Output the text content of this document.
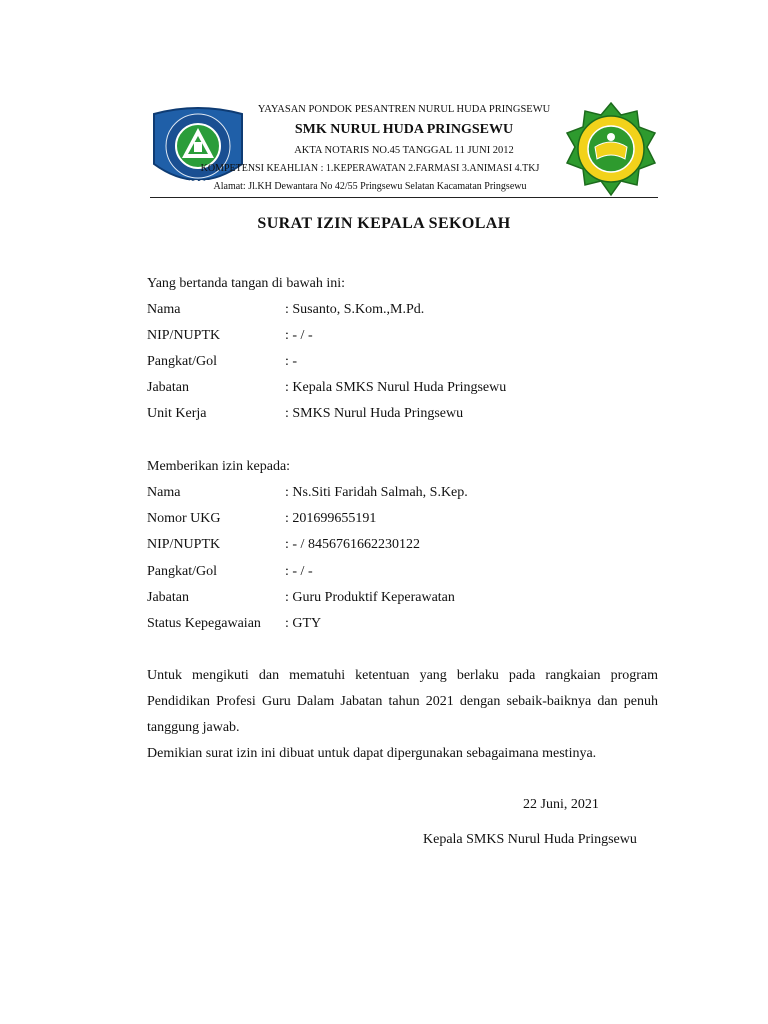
PRINGSEWU
YAYASAN PONDOK PESANTREN NURUL HUDA PRINGSEWU
SMK NURUL HUDA PRINGSEWU
AKTA NOTARIS NO.45 TANGGAL 11 JUNI 2012
KOMPETENSI KEAHLIAN : 1.KEPERAWATAN 2.FARMASI 3.ANIMASI 4.TKJ
Alamat: Jl.KH Dewantara No 42/55 Pringsewu Selatan Kacamatan Pringsewu
SURAT IZIN KEPALA SEKOLAH
Yang bertanda tangan di bawah ini:
Nama	: Susanto, S.Kom.,M.Pd.
NIP/NUPTK	: - / -
Pangkat/Gol	: -
Jabatan	: Kepala SMKS Nurul Huda Pringsewu
Unit Kerja	: SMKS Nurul Huda Pringsewu
Memberikan izin kepada:
Nama	: Ns.Siti Faridah Salmah, S.Kep.
Nomor UKG	: 201699655191
NIP/NUPTK	: - / 8456761662230122
Pangkat/Gol	: - / -
Jabatan	: Guru Produktif Keperawatan
Status Kepegawaian : GTY
Untuk mengikuti dan mematuhi ketentuan yang berlaku pada rangkaian program Pendidikan Profesi Guru Dalam Jabatan tahun 2021 dengan sebaik-baiknya dan penuh tanggung jawab.
Demikian surat izin ini dibuat untuk dapat dipergunakan sebagaimana mestinya.
22 Juni, 2021
Kepala SMKS Nurul Huda Pringsewu
